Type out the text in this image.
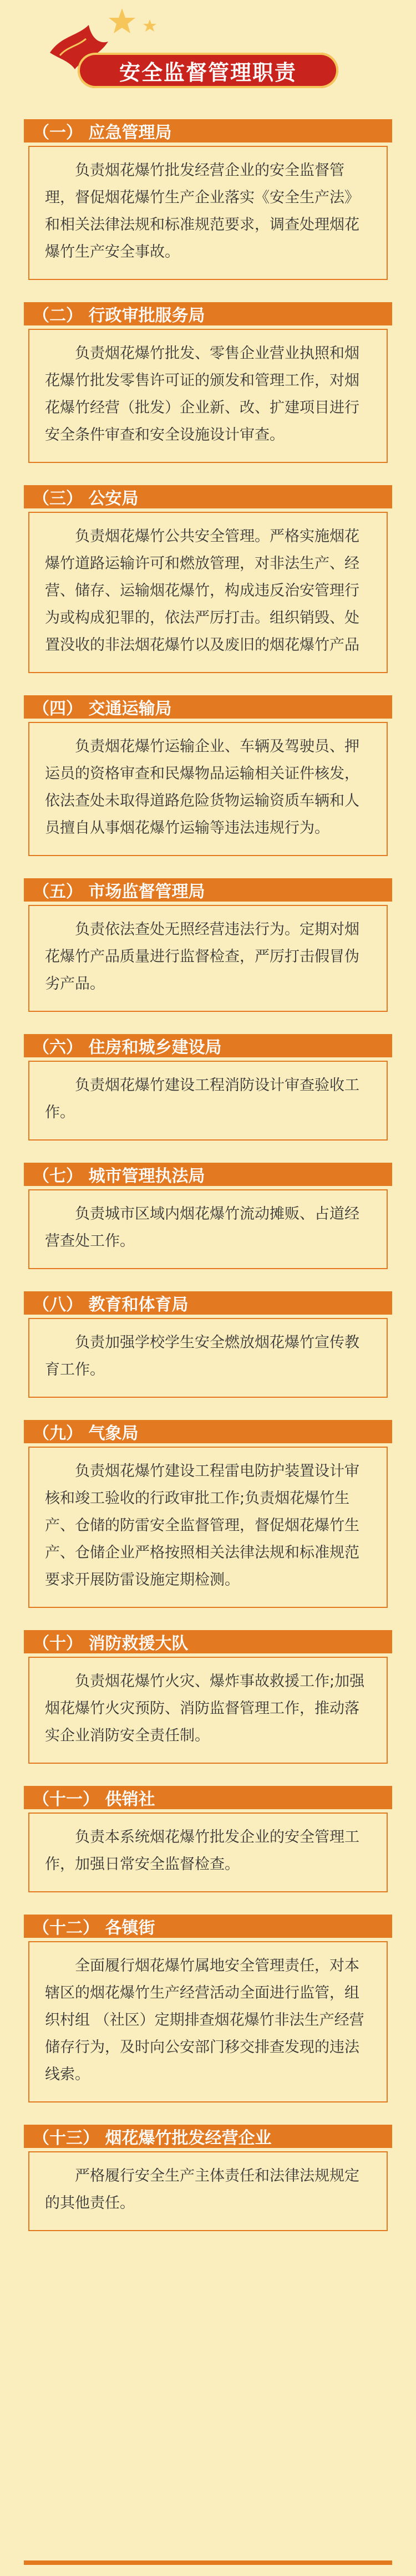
安全监督管理职责
（一） 应急管理局

负责烟花爆竹批发经营企业的安全监督管理，督促烟花爆竹生产企业落实《安全生产法》和相关法律法规和标准规范要求，调查处理烟花爆竹生产安全事故。

（二） 行政审批服务局

负责烟花爆竹批发、零售企业营业执照和烟花爆竹批发零售许可证的颁发和管理工作，对烟花爆竹经营（批发）企业新、改、扩建项目进行安全条件审查和安全设施设计审查。

（三） 公安局

负责烟花爆竹公共安全管理。严格实施烟花爆竹道路运输许可和燃放管理，对非法生产、经营、储存、运输烟花爆竹，构成违反治安管理行为或构成犯罪的，依法严厉打击。组织销毁、处置没收的非法烟花爆竹以及废旧的烟花爆竹产品

（四） 交通运输局

负责烟花爆竹运输企业、车辆及驾驶员、押运员的资格审查和民爆物品运输相关证件核发，依法查处未取得道路危险货物运输资质车辆和人员擅自从事烟花爆竹运输等违法违规行为。

（五） 市场监督管理局

负责依法查处无照经营违法行为。定期对烟花爆竹产品质量进行监督检查，严厉打击假冒伪劣产品。

（六） 住房和城乡建设局

负责烟花爆竹建设工程消防设计审查验收工作。

（七） 城市管理执法局

负责城市区域内烟花爆竹流动摊贩、占道经营查处工作。

（八） 教育和体育局

负责加强学校学生安全燃放烟花爆竹宣传教育工作。

（九） 气象局

负责烟花爆竹建设工程雷电防护装置设计审核和竣工验收的行政审批工作;负责烟花爆竹生产、仓储的防雷安全监督管理，督促烟花爆竹生产、仓储企业严格按照相关法律法规和标准规范要求开展防雷设施定期检测。

（十） 消防救援大队

负责烟花爆竹火灾、爆炸事故救援工作;加强烟花爆竹火灾预防、消防监督管理工作，推动落实企业消防安全责任制。

（十一） 供销社

负责本系统烟花爆竹批发企业的安全管理工作，加强日常安全监督检查。

（十二） 各镇街

全面履行烟花爆竹属地安全管理责任，对本辖区的烟花爆竹生产经营活动全面进行监管，组织村组 （社区）定期排查烟花爆竹非法生产经营储存行为，及时向公安部门移交排查发现的违法线索。

（十三） 烟花爆竹批发经营企业

严格履行安全生产主体责任和法律法规规定的其他责任。
